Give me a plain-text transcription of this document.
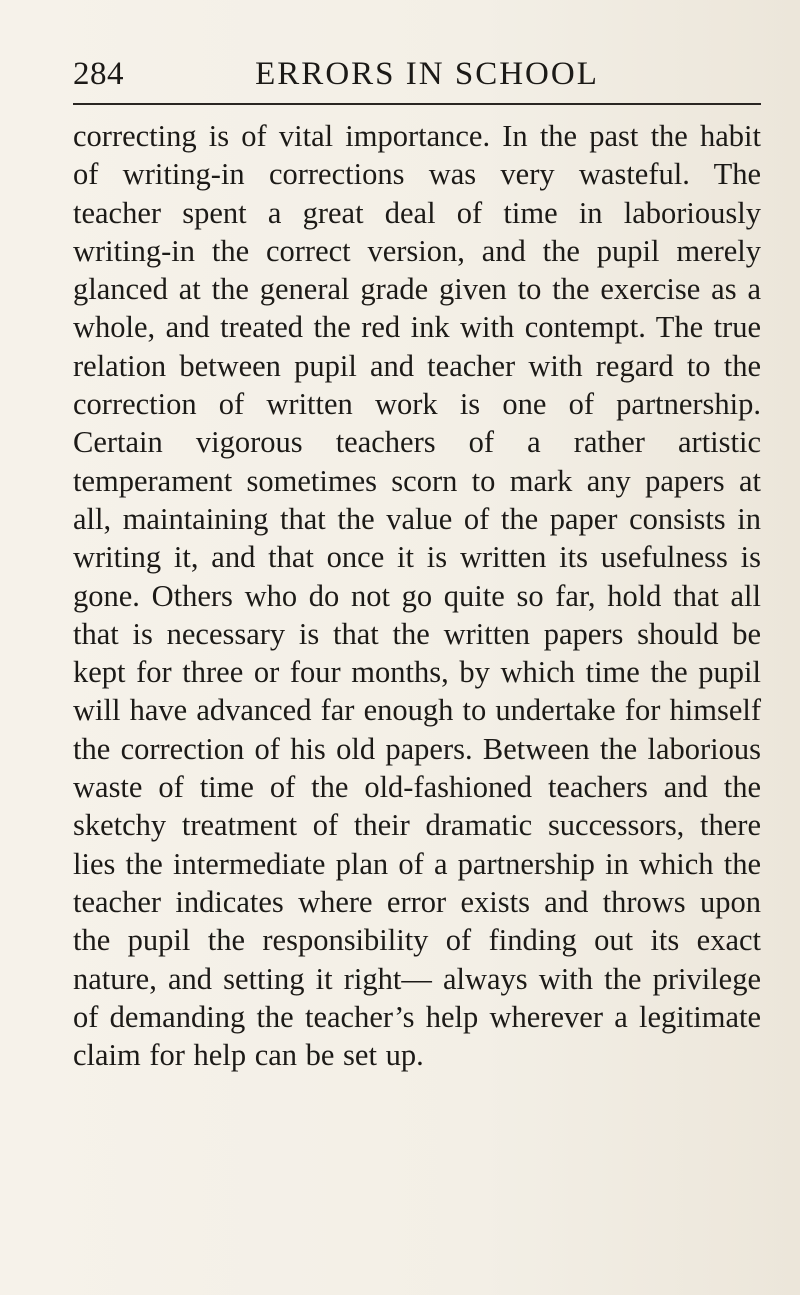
284	ERRORS IN SCHOOL

correcting is of vital importance. In the past the habit of writing-in corrections was very wasteful. The teacher spent a great deal of time in laboriously writing-in the correct version, and the pupil merely glanced at the general grade given to the exercise as a whole, and treated the red ink with contempt. The true relation between pupil and teacher with regard to the correction of written work is one of partnership. Certain vigorous teachers of a rather artistic temperament sometimes scorn to mark any papers at all, maintaining that the value of the paper consists in writing it, and that once it is written its usefulness is gone. Others who do not go quite so far, hold that all that is necessary is that the written papers should be kept for three or four months, by which time the pupil will have advanced far enough to undertake for himself the correction of his old papers. Between the laborious waste of time of the old-fashioned teachers and the sketchy treatment of their dramatic successors, there lies the intermediate plan of a partnership in which the teacher indicates where error exists and throws upon the pupil the responsibility of finding out its exact nature, and setting it right— always with the privilege of demanding the teacher’s help wherever a legitimate claim for help can be set up.
